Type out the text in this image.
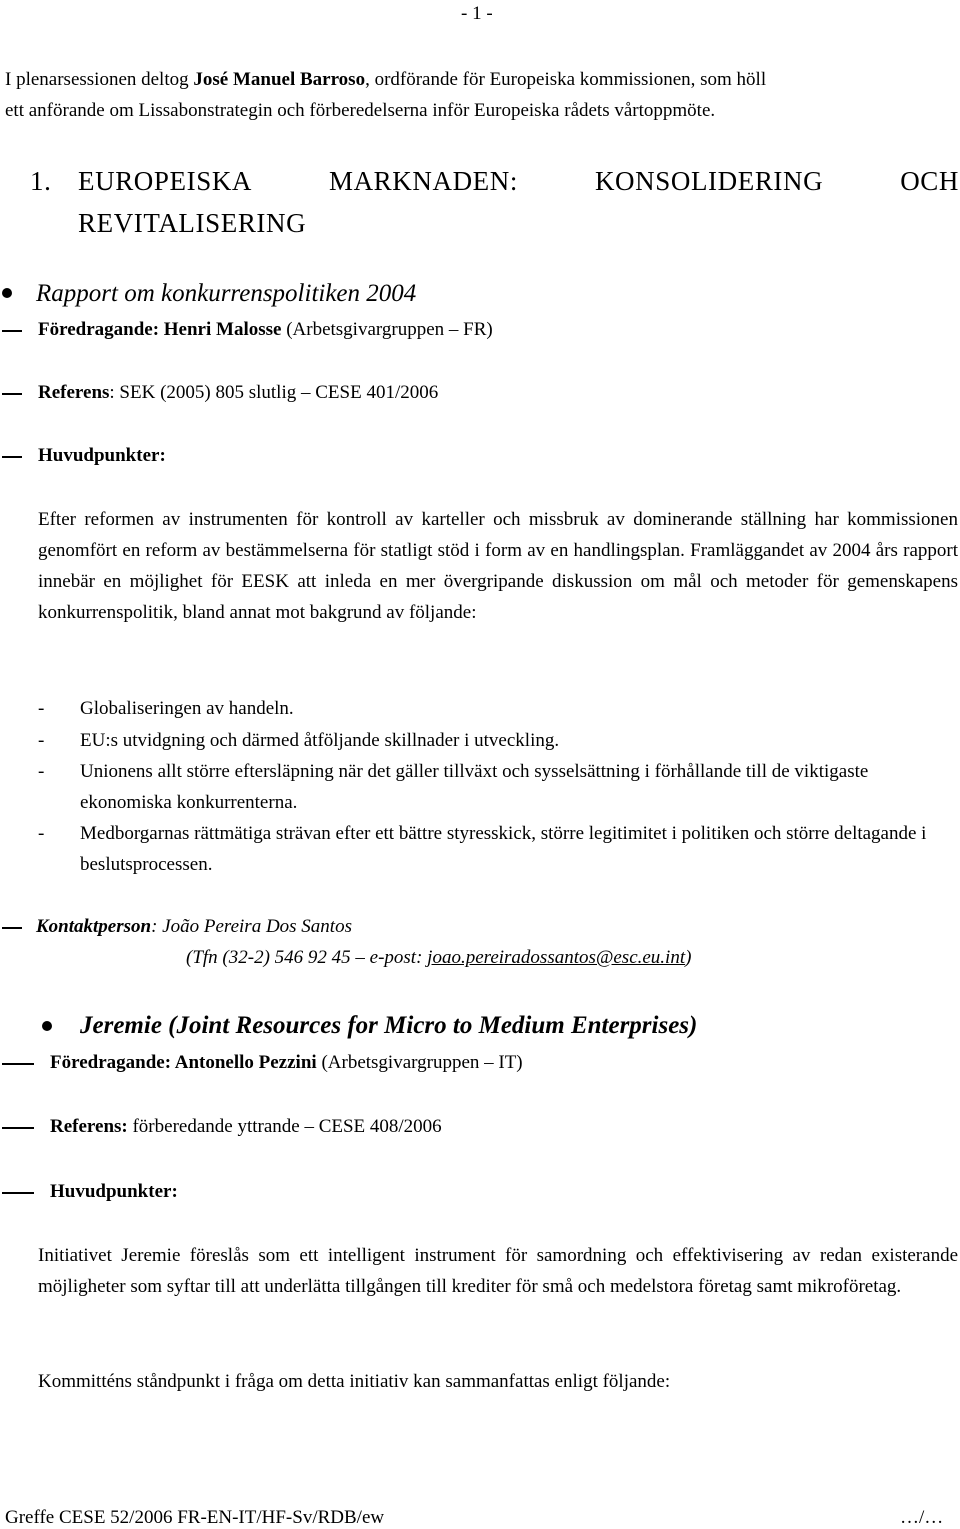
- 1 -
I plenarsessionen deltog José Manuel Barroso, ordförande för Europeiska kommissionen, som höll
ett anförande om Lissabonstrategin och förberedelserna inför Europeiska rådets vårtoppmöte.
1. EUROPEISKA	MARKNADEN:	KONSOLIDERING	OCH
REVITALISERING
Rapport om konkurrenspolitiken 2004
Föredragande: Henri Malosse (Arbetsgivargruppen – FR)
Referens: SEK (2005) 805 slutlig – CESE 401/2006
Huvudpunkter:
Efter reformen av instrumenten för kontroll av karteller och missbruk av dominerande ställning har kommissionen genomfört en reform av bestämmelserna för statligt stöd i form av en handlingsplan. Framläggandet av 2004 års rapport innebär en möjlighet för EESK att inleda en mer övergripande diskussion om mål och metoder för gemenskapens konkurrenspolitik, bland annat mot bakgrund av följande:
- Globaliseringen av handeln.
- EU:s utvidgning och därmed åtföljande skillnader i utveckling.
- Unionens allt större eftersläpning när det gäller tillväxt och sysselsättning i förhållande till de viktigaste ekonomiska konkurrenterna.
- Medborgarnas rättmätiga strävan efter ett bättre styresskick, större legitimitet i politiken och större deltagande i beslutsprocessen.
Kontaktperson: João Pereira Dos Santos
(Tfn (32-2) 546 92 45 – e-post: joao.pereiradossantos@esc.eu.int)
Jeremie (Joint Resources for Micro to Medium Enterprises)
Föredragande: Antonello Pezzini (Arbetsgivargruppen – IT)
Referens: förberedande yttrande – CESE 408/2006
Huvudpunkter:
Initiativet Jeremie föreslås som ett intelligent instrument för samordning och effektivisering av redan existerande möjligheter som syftar till att underlätta tillgången till krediter för små och medelstora företag samt mikroföretag.
Kommitténs ståndpunkt i fråga om detta initiativ kan sammanfattas enligt följande:
Greffe CESE 52/2006 FR-EN-IT/HF-Sv/RDB/ew	…/…
